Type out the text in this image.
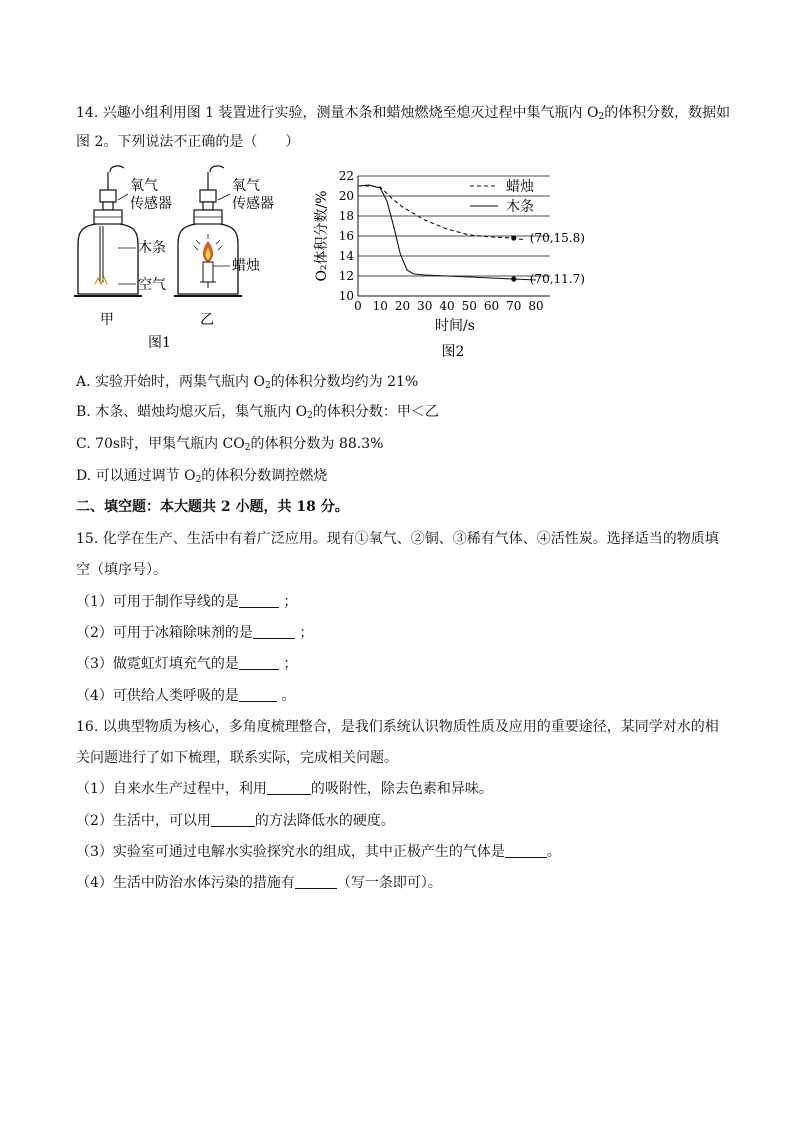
14. 兴趣小组利用图 1 装置进行实验，测量木条和蜡烛燃烧至熄灭过程中集气瓶内 $O_2$的体积分数，数据如
图 2。下列说法不正确的是（　　）
氧气
传感器
木条
空气
甲
氧气
传感器
蜡烛
乙
图1
蜡烛
木条
10
12
14
16
18
20
22
0 10 20 30 40 50 60 70 80
(70,15.8)
(70,11.7)
O₂体积分数/%
时间/s
图2
A. 实验开始时，两集气瓶内 $O_2$的体积分数均约为 21%
B. 木条、蜡烛均熄灭后，集气瓶内 $O_2$的体积分数：甲＜乙
C. 70s时，甲集气瓶内 $CO_2$的体积分数为 88.3%
D. 可以通过调节 $O_2$的体积分数调控燃烧
二、填空题：本大题共 2 小题，共 18 分。
15. 化学在生产、生活中有着广泛应用。现有①氧气、②铜、③稀有气体、④活性炭。选择适当的物质填
空（填序号）。
（1）可用于制作导线的是	；
（2）可用于冰箱除味剂的是	；
（3）做霓虹灯填充气的是	；
（4）可供给人类呼吸的是	。
16. 以典型物质为核心，多角度梳理整合，是我们系统认识物质性质及应用的重要途径，某同学对水的相
关问题进行了如下梳理，联系实际，完成相关问题。
（1）自来水生产过程中，利用	的吸附性，除去色素和异味。
（2）生活中，可以用	的方法降低水的硬度。
（3）实验室可通过电解水实验探究水的组成，其中正极产生的气体是	。
（4）生活中防治水体污染的措施有	（写一条即可）。
